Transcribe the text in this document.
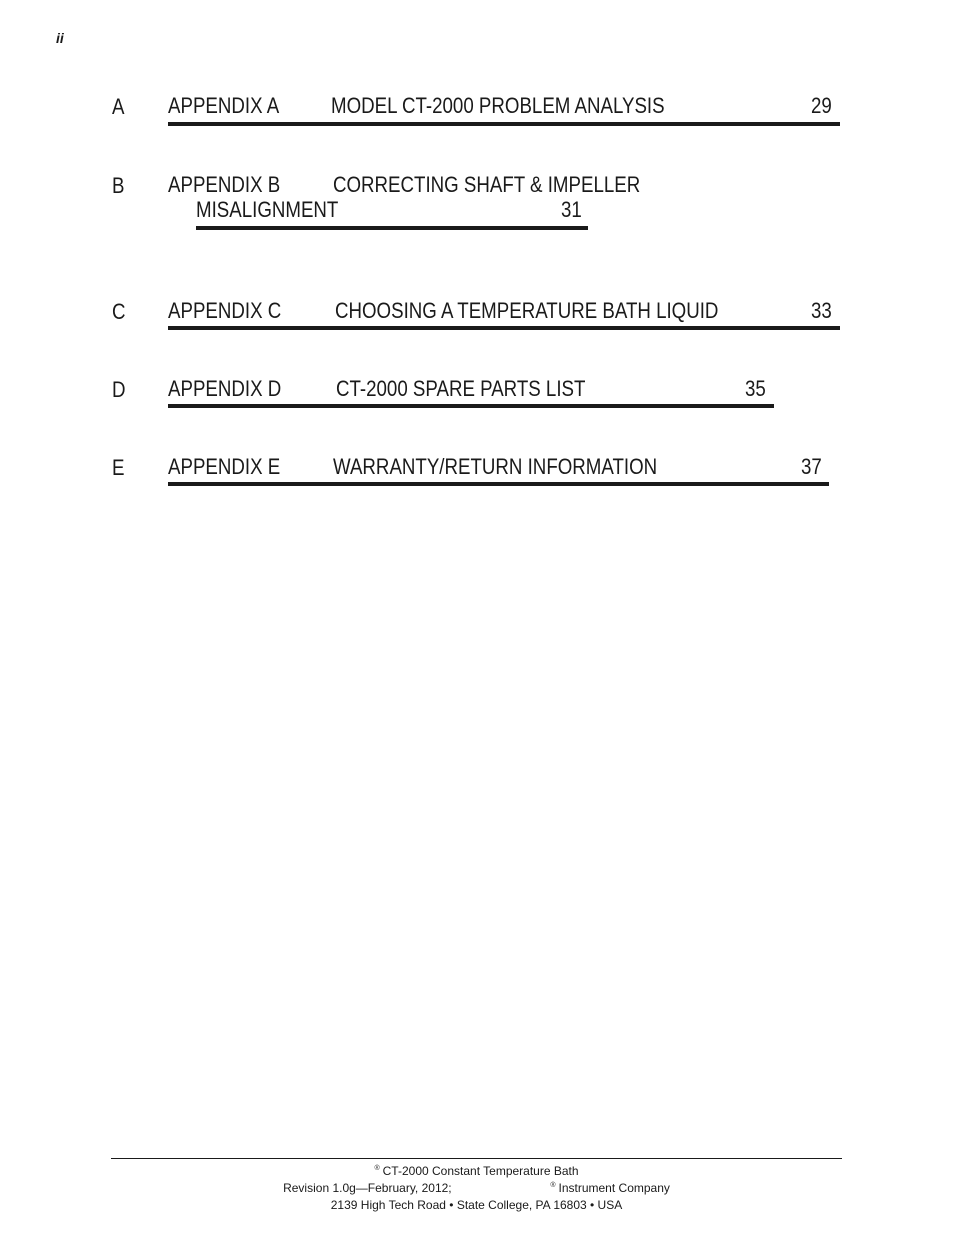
ii
A APPENDIX A MODEL CT-2000 PROBLEM ANALYSIS	29
B APPENDIX B CORRECTING SHAFT & IMPELLER
MISALIGNMENT	31
C APPENDIX C CHOOSING A TEMPERATURE BATH LIQUID	33
D APPENDIX D CT-2000 SPARE PARTS LIST	35
E APPENDIX E WARRANTY/RETURN INFORMATION	37
® CT-2000 Constant Temperature Bath
Revision 1.0g—February, 2012;	® Instrument Company
2139 High Tech Road • State College, PA 16803 • USA
